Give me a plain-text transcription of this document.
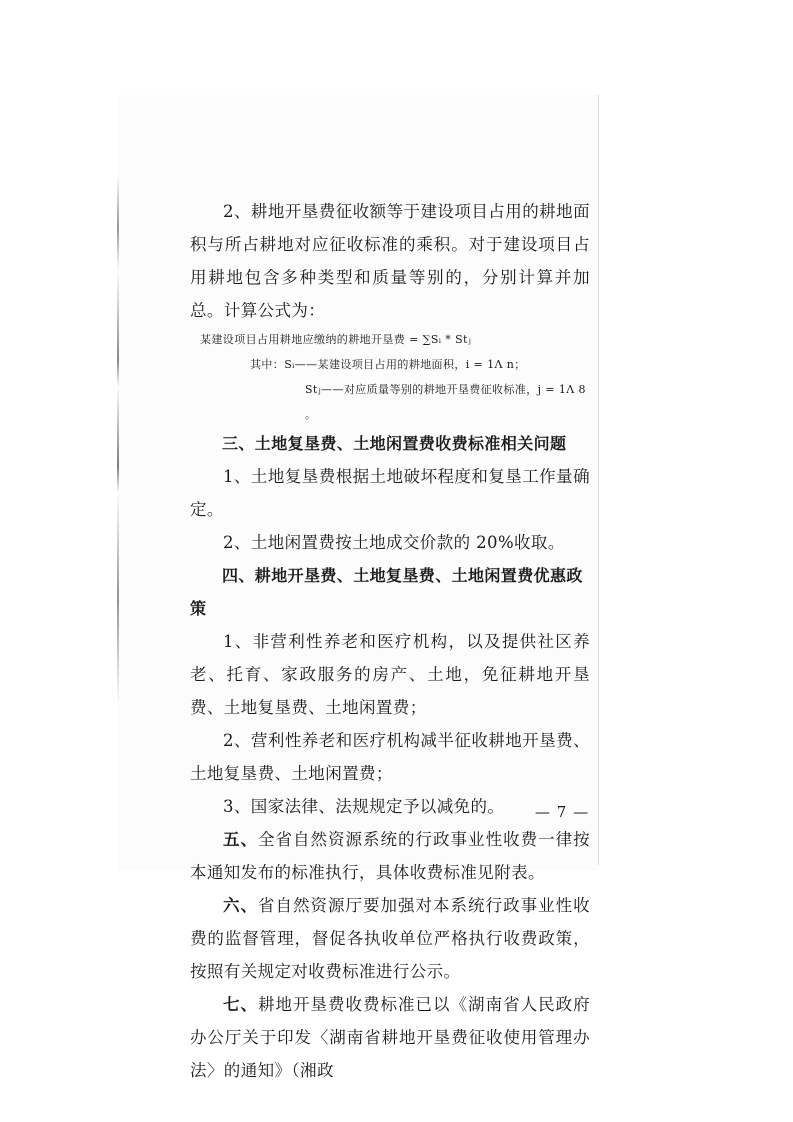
2、耕地开垦费征收额等于建设项目占用的耕地面积与所占耕地对应征收标准的乘积。对于建设项目占用耕地包含多种类型和质量等别的，分别计算并加总。计算公式为：

某建设项目占用耕地应缴纳的耕地开垦费 = ∑Sᵢ * Stⱼ

其中：Sᵢ——某建设项目占用的耕地面积，i = 1Λ n；

Stⱼ——对应质量等别的耕地开垦费征收标准，j = 1Λ 8 。

三、土地复垦费、土地闲置费收费标准相关问题

1、土地复垦费根据土地破坏程度和复垦工作量确定。

2、土地闲置费按土地成交价款的 20%收取。

四、耕地开垦费、土地复垦费、土地闲置费优惠政策

1、非营利性养老和医疗机构，以及提供社区养老、托育、家政服务的房产、土地，免征耕地开垦费、土地复垦费、土地闲置费；

2、营利性养老和医疗机构减半征收耕地开垦费、土地复垦费、土地闲置费；

3、国家法律、法规规定予以减免的。

五、全省自然资源系统的行政事业性收费一律按本通知发布的标准执行，具体收费标准见附表。

六、省自然资源厅要加强对本系统行政事业性收费的监督管理，督促各执收单位严格执行收费政策，按照有关规定对收费标准进行公示。

七、耕地开垦费收费标准已以《湖南省人民政府办公厅关于印发〈湖南省耕地开垦费征收使用管理办法〉的通知》（湘政

— 7 —
